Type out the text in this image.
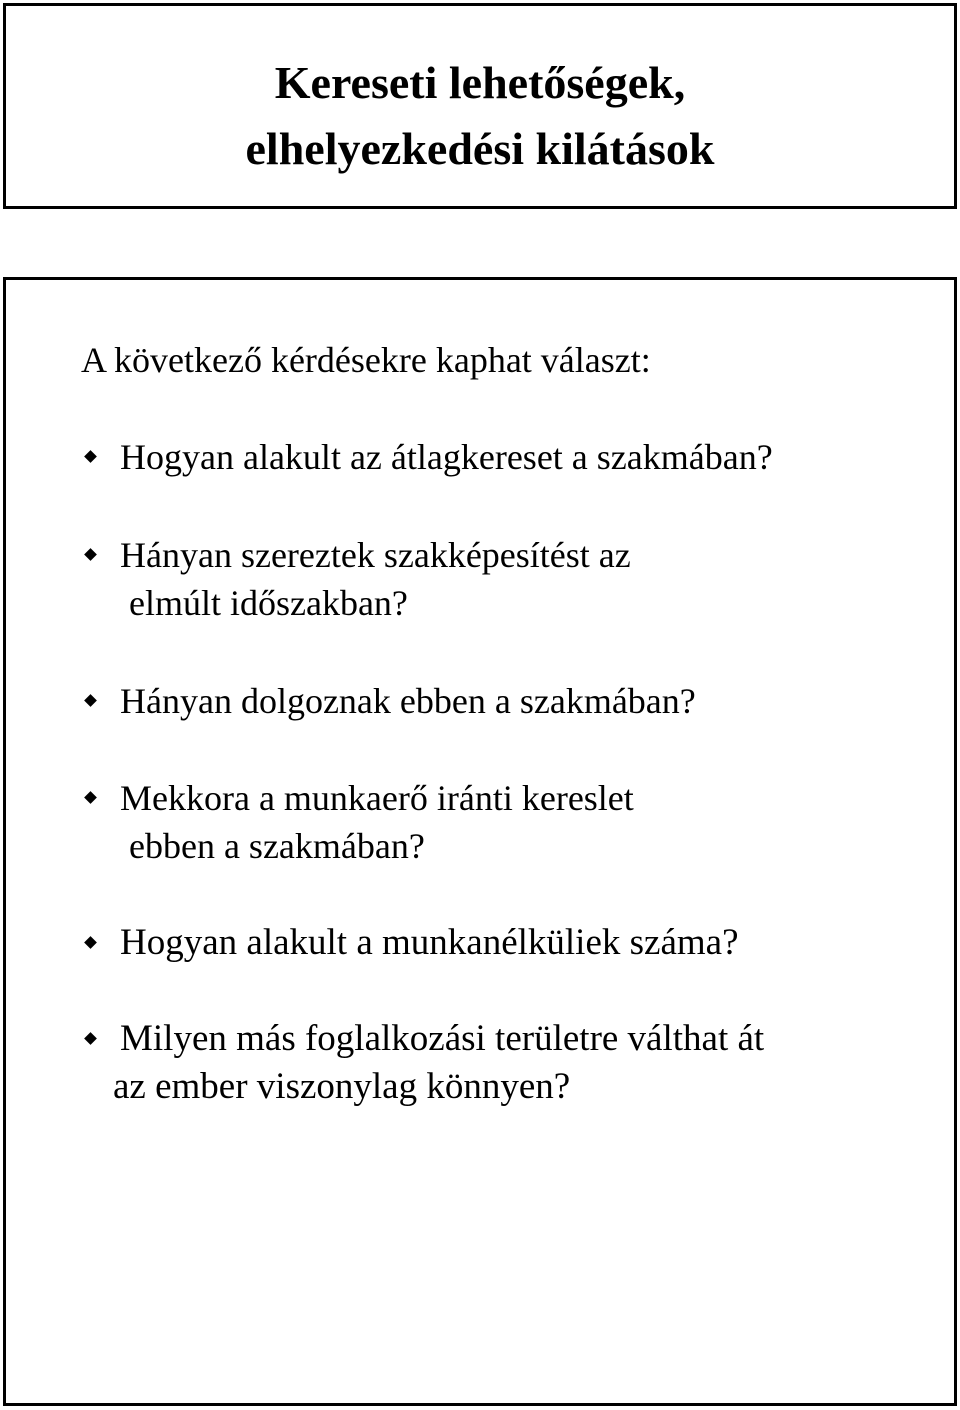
Kereseti lehetőségek,
elhelyezkedési kilátások

A következő kérdésekre kaphat választ:

Hogyan alakult az átlagkereset a szakmában?
Hányan szereztek szakképesítést az
elmúlt időszakban?
Hányan dolgoznak ebben a szakmában?
Mekkora a munkaerő iránti kereslet
ebben a szakmában?
Hogyan alakult a munkanélküliek száma?
Milyen más foglalkozási területre válthat át
az ember viszonylag könnyen?
